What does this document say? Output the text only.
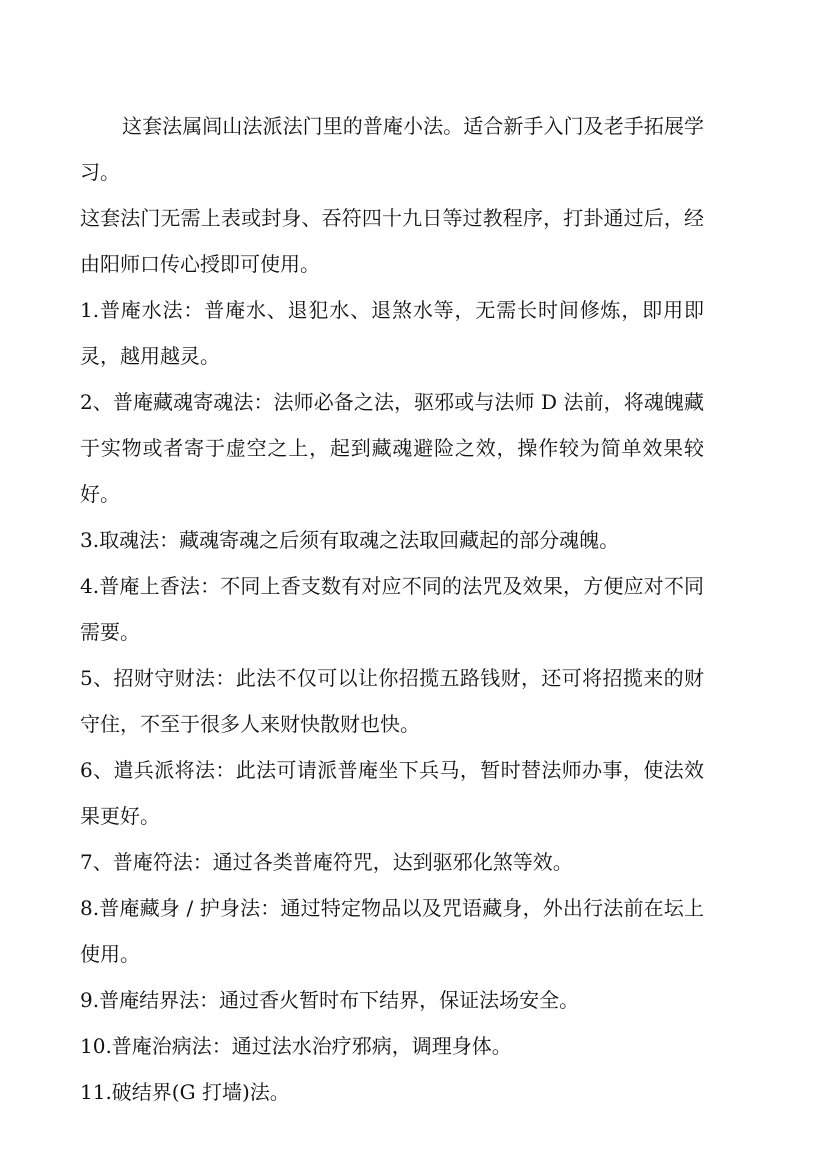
这套法属闾山法派法门里的普庵小法。适合新手入门及老手拓展学习。

这套法门无需上表或封身、吞符四十九日等过教程序，打卦通过后，经由阳师口传心授即可使用。

1.普庵水法：普庵水、退犯水、退煞水等，无需长时间修炼，即用即灵，越用越灵。

2、普庵藏魂寄魂法：法师必备之法，驱邪或与法师 D 法前，将魂魄藏于实物或者寄于虚空之上，起到藏魂避险之效，操作较为简单效果较好。

3.取魂法：藏魂寄魂之后须有取魂之法取回藏起的部分魂魄。

4.普庵上香法：不同上香支数有对应不同的法咒及效果，方便应对不同需要。

5、招财守财法：此法不仅可以让你招揽五路钱财，还可将招揽来的财守住，不至于很多人来财快散财也快。

6、遣兵派将法：此法可请派普庵坐下兵马，暂时替法师办事，使法效果更好。

7、普庵符法：通过各类普庵符咒，达到驱邪化煞等效。

8.普庵藏身 / 护身法：通过特定物品以及咒语藏身，外出行法前在坛上使用。

9.普庵结界法：通过香火暂时布下结界，保证法场安全。

10.普庵治病法：通过法水治疗邪病，调理身体。

11.破结界(G 打墙)法。
